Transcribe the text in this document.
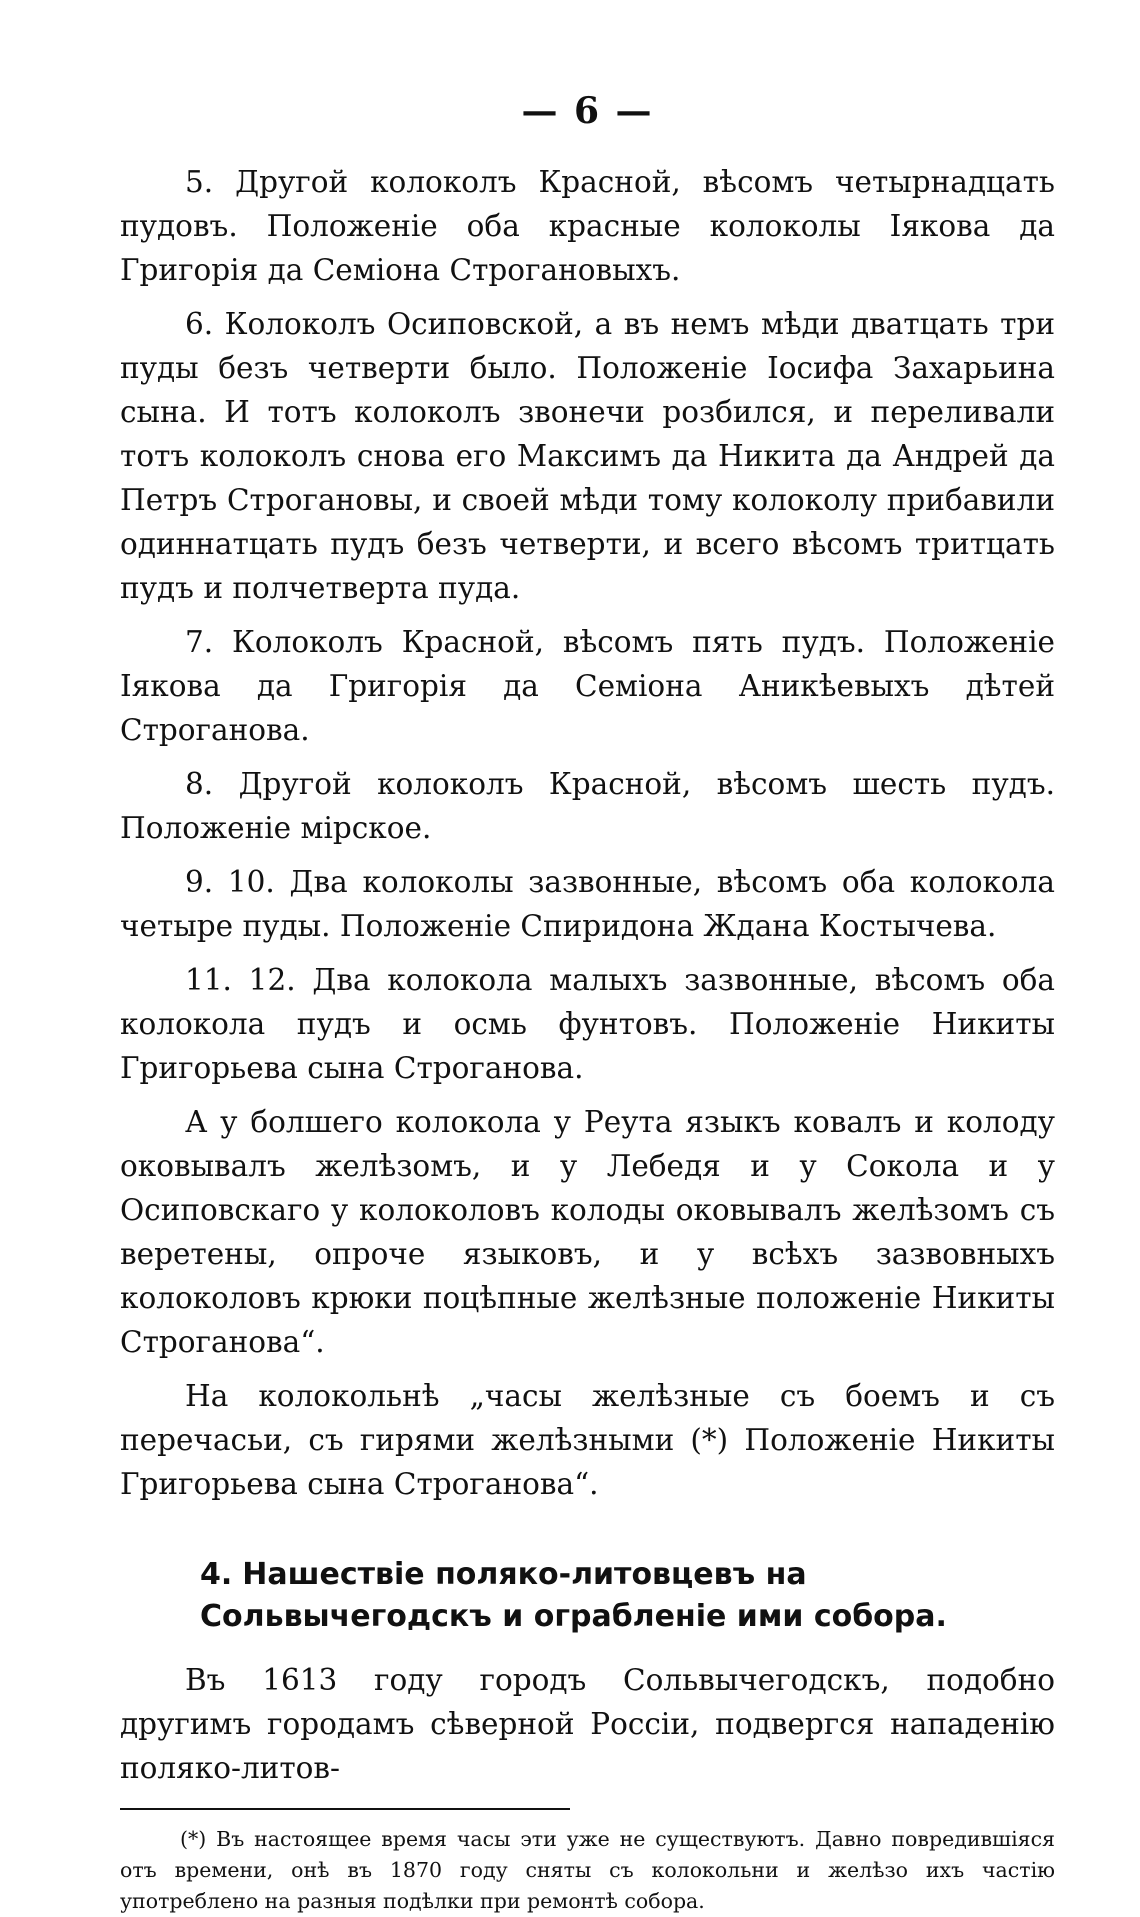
— 6 —

5. Другой колоколъ Красной, вѣсомъ четырнадцать пудовъ. Положеніе оба красные колоколы Іякова да Григорія да Семіона Строгановыхъ.

6. Колоколъ Осиповской, а въ немъ мѣди дватцать три пуды безъ четверти было. Положеніе Іосифа Захарьина сына. И тотъ колоколъ звонечи розбился, и переливали тотъ колоколъ снова его Максимъ да Никита да Андрей да Петръ Строгановы, и своей мѣди тому колоколу прибавили одиннатцать пудъ безъ четверти, и всего вѣсомъ тритцать пудъ и полчетверта пуда.

7. Колоколъ Красной, вѣсомъ пять пудъ. Положеніе Іякова да Григорія да Семіона Аникѣевыхъ дѣтей Строганова.

8. Другой колоколъ Красной, вѣсомъ шесть пудъ. Положеніе мірское.

9. 10. Два колоколы зазвонные, вѣсомъ оба колокола четыре пуды. Положеніе Спиридона Ждана Костычева.

11. 12. Два колокола малыхъ зазвонные, вѣсомъ оба колокола пудъ и осмь фунтовъ. Положеніе Никиты Григорьева сына Строганова.

А у болшего колокола у Реута языкъ ковалъ и колоду оковывалъ желѣзомъ, и у Лебедя и у Сокола и у Осиповскаго у колоколовъ колоды оковывалъ желѣзомъ съ веретены, опроче языковъ, и у всѣхъ зазвовныхъ колоколовъ крюки поцѣпные желѣзные положеніе Никиты Строганова“.

На колокольнѣ „часы желѣзные съ боемъ и съ перечасьи, съ гирями желѣзными (*) Положеніе Никиты Григорьева сына Строганова“.

4. Нашествіе поляко-литовцевъ на Сольвычегодскъ и ограбленіе ими собора.

Въ 1613 году городъ Сольвычегодскъ, подобно другимъ городамъ сѣверной Россіи, подвергся нападенію поляко-литов-

(*) Въ настоящее время часы эти уже не существуютъ. Давно повредившіяся отъ времени, онѣ въ 1870 году сняты съ колокольни и желѣзо ихъ частію употреблено на разныя подѣлки при ремонтѣ собора.
